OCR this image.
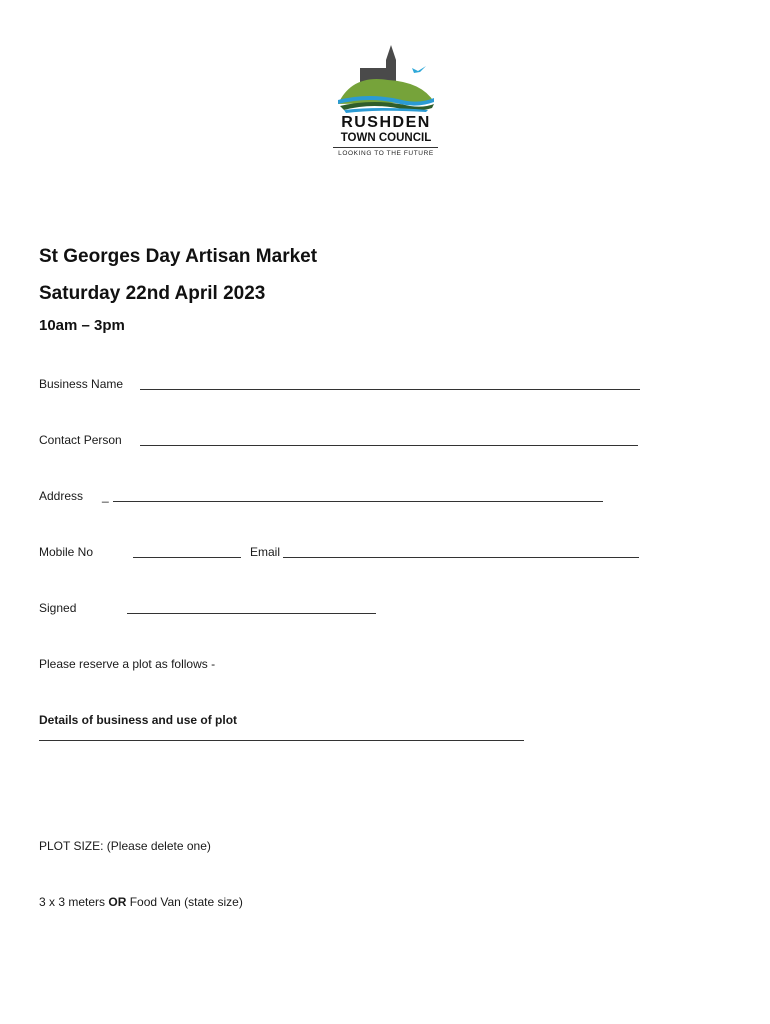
RUSHDEN
TOWN COUNCIL
LOOKING TO THE FUTURE
St Georges Day Artisan Market
Saturday 22nd April 2023
10am – 3pm
Business Name
Contact Person
Address _
Mobile No	Email
Signed
Please reserve a plot as follows -
Details of business and use of plot
PLOT SIZE: (Please delete one)
3 x 3 meters OR Food Van (state size)
